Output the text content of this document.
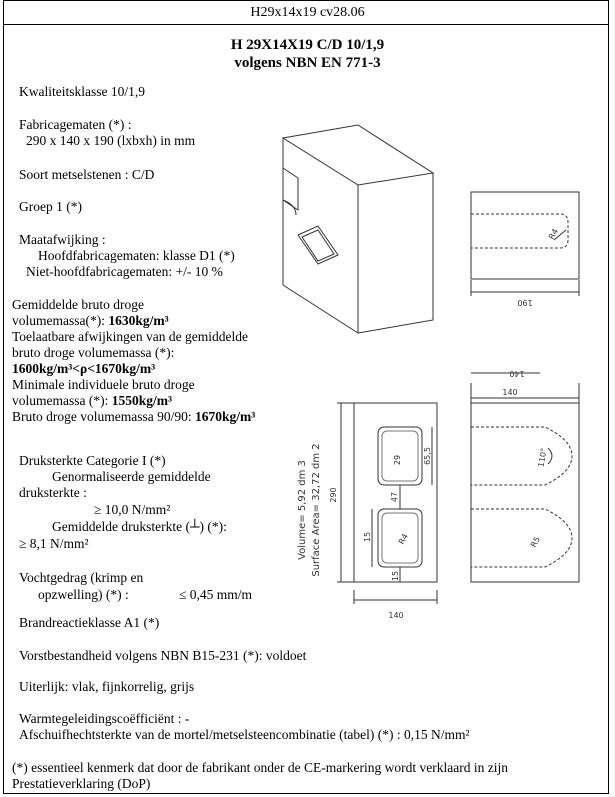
H29x14x19 cv28.06
H 29X14X19 C/D 10/1,9
volgens NBN EN 771-3
Kwaliteitsklasse 10/1,9
Fabricagematen (*) :
290 x 140 x 190 (lxbxh) in mm
Soort metselstenen : C/D
Groep 1 (*)
Maatafwijking :
Hoofdfabricagematen: klasse D1 (*)
Niet-hoofdfabricagematen: +/- 10 %
Gemiddelde bruto droge
volumemassa(*): 1630kg/m³
Toelaatbare afwijkingen van de gemiddelde
bruto droge volumemassa (*):
1600kg/m³<ρ<1670kg/m³
Minimale individuele bruto droge
volumemassa (*): 1550kg/m³
Bruto droge volumemassa 90/90: 1670kg/m³
Druksterkte Categorie I (*)
Genormaliseerde gemiddelde
druksterkte :
≥ 10,0 N/mm²
Gemiddelde druksterkte (┴) (*):
≥ 8,1 N/mm²
Vochtgedrag (krimp en
opzwelling) (*) :	≤ 0,45 mm/m
Brandreactieklasse A1 (*)
Vorstbestandheid volgens NBN B15-231 (*): voldoet
Uiterlijk: vlak, fijnkorrelig, grijs
Warmtegeleidingscoëfficiënt : -
Afschuifhechtsterkte van de mortel/metselsteencombinatie (tabel) (*) : 0,15 N/mm²
(*) essentieel kenmerk dat door de fabrikant onder de CE-markering wordt verklaard in zijn
Prestatieverklaring (DoP)
190
R4
140
140
290
29	65,5
47
15	R4
15
140
110°
R5
Volume= 5,92 dm 3 Surface Area= 32,72 dm 2
